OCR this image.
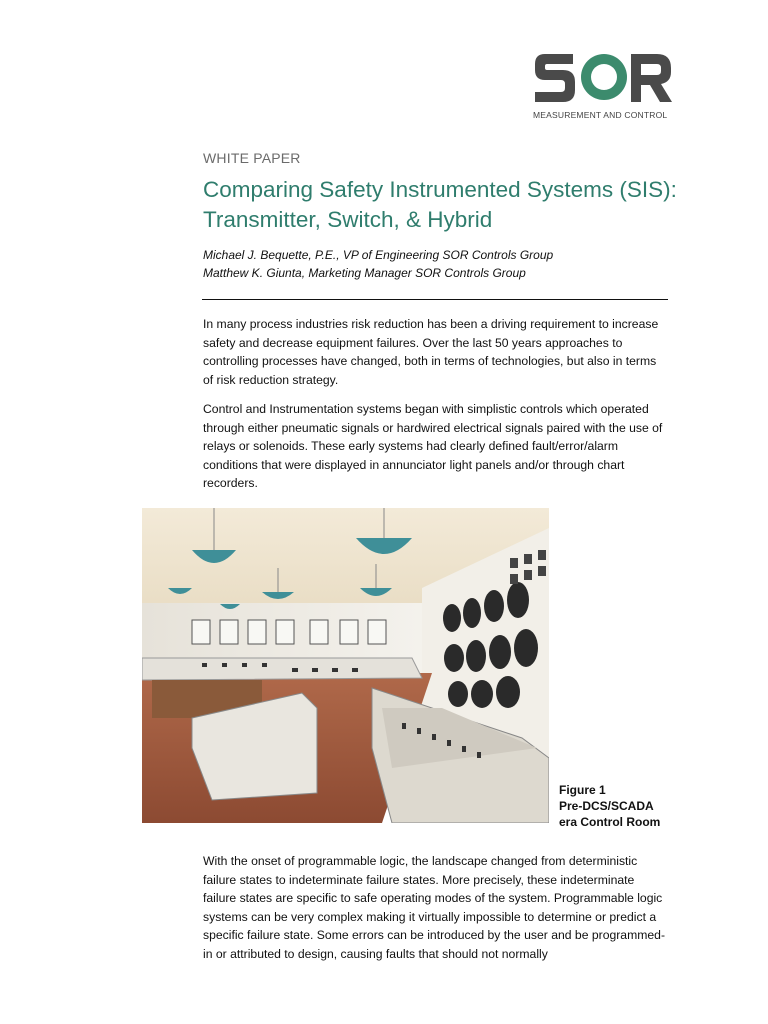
MEASUREMENT AND CONTROL
WHITE PAPER
Comparing Safety Instrumented Systems (SIS):
Transmitter, Switch, & Hybrid
Michael J. Bequette, P.E., VP of Engineering SOR Controls Group
Matthew K. Giunta, Marketing Manager SOR Controls Group

In many process industries risk reduction has been a driving requirement to increase safety and decrease equipment failures. Over the last 50 years approaches to controlling processes have changed, both in terms of technologies, but also in terms of risk reduction strategy.

Control and Instrumentation systems began with simplistic controls which operated through either pneumatic signals or hardwired electrical signals paired with the use of relays or solenoids. These early systems had clearly defined fault/error/alarm conditions that were displayed in annunciator light panels and/or through chart recorders.

Figure 1
Pre-DCS/SCADA
era Control Room

With the onset of programmable logic, the landscape changed from deterministic failure states to indeterminate failure states. More precisely, these indeterminate failure states are specific to safe operating modes of the system. Programmable logic systems can be very complex making it virtually impossible to determine or predict a specific failure state. Some errors can be introduced by the user and be programmed-in or attributed to design, causing faults that should not normally
